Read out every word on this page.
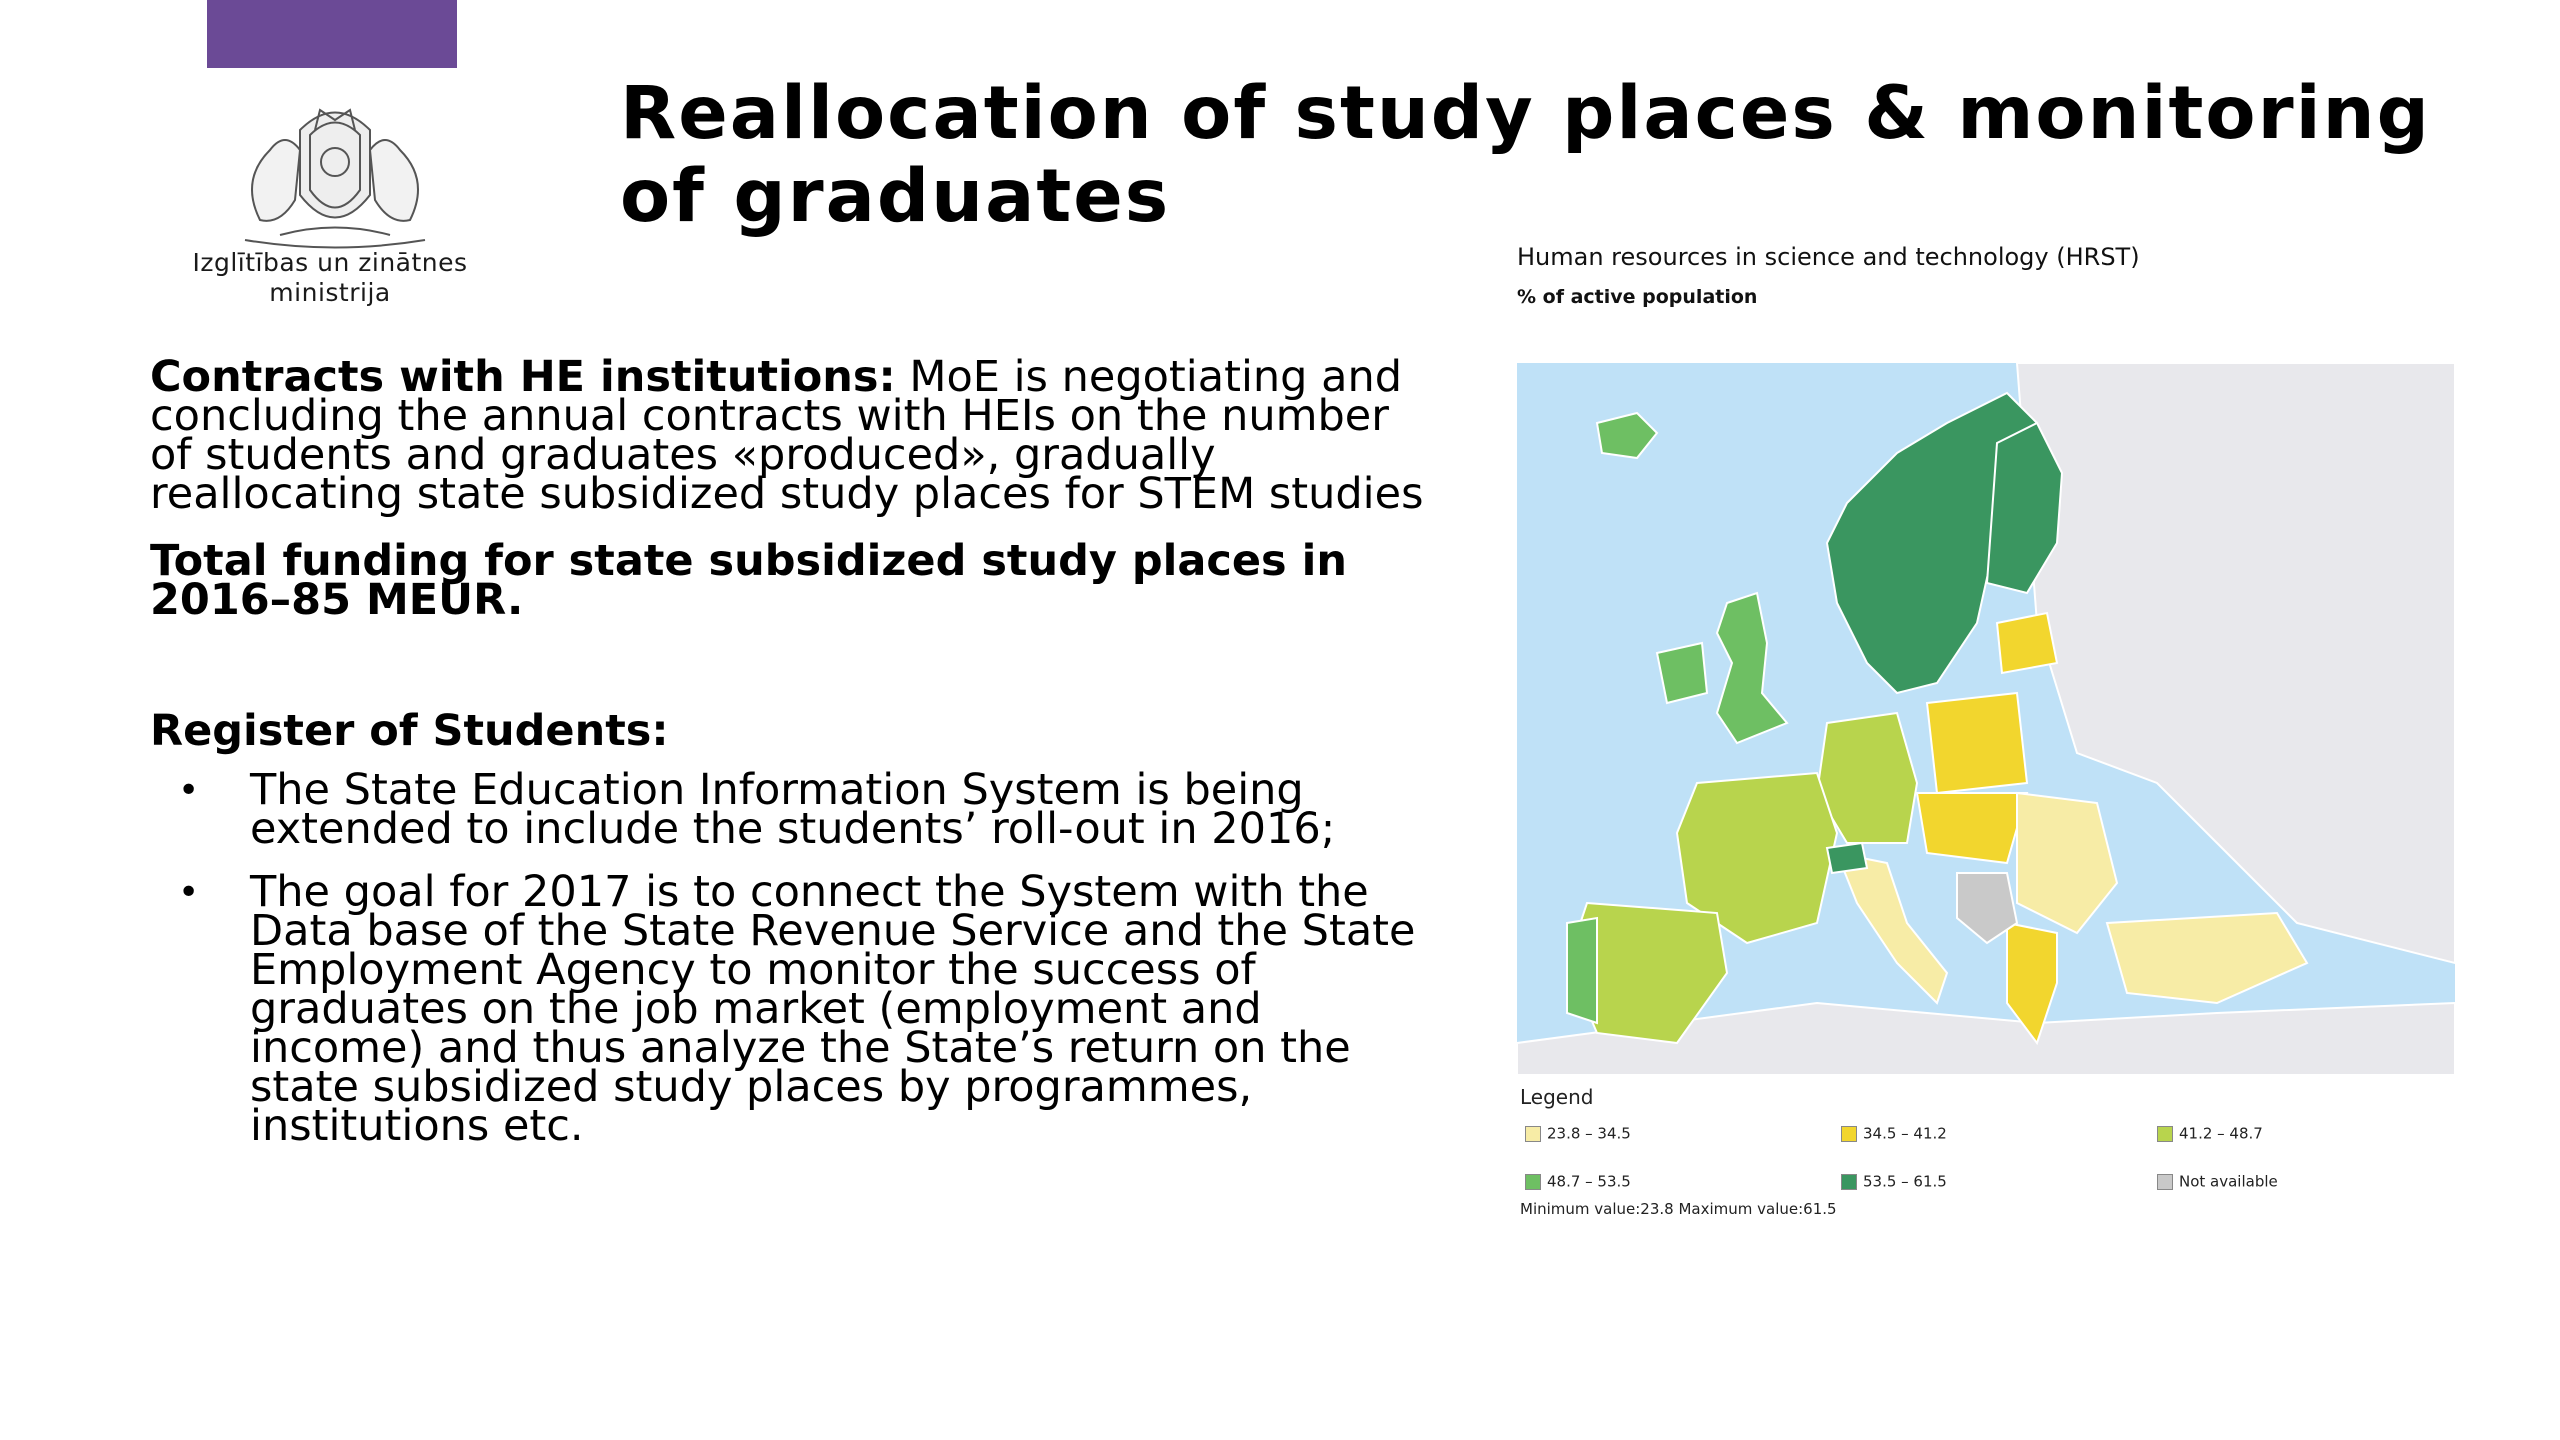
Izglītības un zinātnes
ministrija
Reallocation of study places & monitoring of graduates

Contracts with HE institutions: MoE is negotiating and concluding the annual contracts with HEIs on the number of students and graduates «produced», gradually reallocating state subsidized study places for STEM studies

Total funding for state subsidized study places in 2016–85 MEUR.

Register of Students:

• The State Education Information System is being extended to include the students’ roll-out in 2016;
• The goal for 2017 is to connect the System with the Data base of the State Revenue Service and the State Employment Agency to monitor the success of graduates on the job market (employment and income) and thus analyze the State’s return on the state subsidized study places by programmes, institutions etc.
Human resources in science and technology (HRST)
% of active population
Legend
23.8 – 34.5	34.5 – 41.2	41.2 – 48.7
48.7 – 53.5	53.5 – 61.5	Not available
Minimum value:23.8 Maximum value:61.5
